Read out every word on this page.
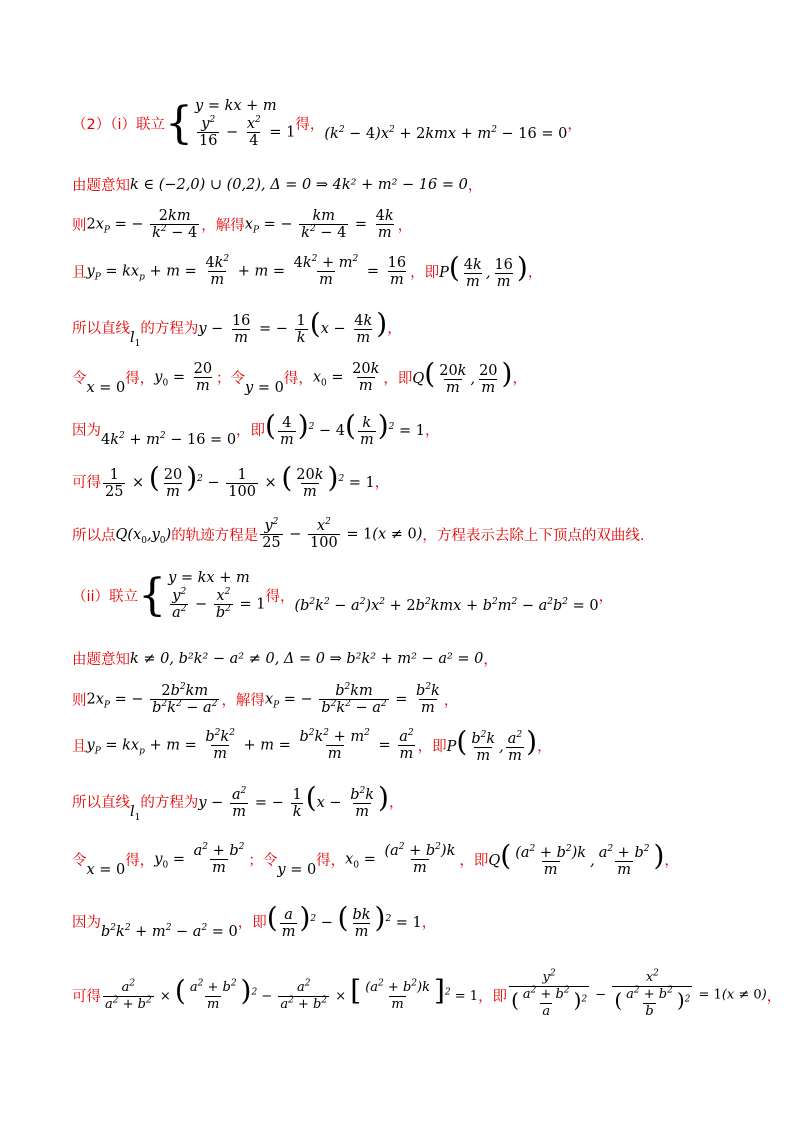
（2）（i）联立 { y = kx + m
$\frac{y^2}{16} - \frac{x^2}{4} = 1$ 得，
$(k^2 - 4)x^2 + 2kmx + m^2 - 16 = 0$
，
由题意知 k ∈ (−2,0) ∪ (0,2), Δ = 0 ⇒ 4k² + m² − 16 = 0 ，
则 $2x_P$ = − $\frac{2km}{k^2 - 4}$ ，解得 $x_P$ = − $\frac{km}{k^2 - 4} = \frac{4k}{m}$ ，
且 $y_P = kx_p + m = \frac{4k^2}{m} + m = \frac{4k^2 + m^2}{m} = \frac{16}{m}$ ，即 $P( \frac{4k}{m}$ , $\frac{16}{m}$ ) ，
所以直线
$l_1$
的方程为 $y - \frac{16}{m}$ = − $\frac{1}{k} (x - \frac{4k}{m}$ ) ，
令
x = 0
得， $y_0 = \frac{20}{m}$ ；令
y = 0
得， $x_0 = \frac{20k}{m}$ ，即 $Q( \frac{20k}{m}$ , $\frac{20}{m}$ ) ，
因为
$4k^2 + m^2 - 16 = 0$
，即 ( $\frac{4}{m} )^2 - 4( \frac{k}{m} )^2 = 1$ ，
可得 $\frac{1}{25}$ × ( $\frac{20}{m} )^2 - \frac{1}{100}$ × ( $\frac{20k}{m} )^2 = 1$ ，
所以点 $Q(x_0,y_0)$ 的轨迹方程是 $\frac{y^2}{25} - \frac{x^2}{100} = 1(x \ne 0)$ ，方程表示去除上下顶点的双曲线.
（ii）联立 { y = kx + m
$\frac{y^2}{a^2} - \frac{x^2}{b^2} = 1$ 得，
$(b^2k^2 - a^2)x^2 + 2b^2kmx + b^2m^2 - a^2b^2 = 0$
，
由题意知 k ≠ 0, b²k² − a² ≠ 0, Δ = 0 ⇒ b²k² + m² − a² = 0 ，
则 $2x_P$ = − $\frac{2b^2km}{b^2k^2 - a^2}$ ，解得 $x_P$ = − $\frac{b^2km}{b^2k^2 - a^2} = \frac{b^2k}{m}$ ，
且 $y_P = kx_p + m = \frac{b^2k^2}{m} + m = \frac{b^2k^2 + m^2}{m} = \frac{a^2}{m}$ ，即 $P( \frac{b^2k}{m}$ , $\frac{a^2}{m}$ ) ，
所以直线
$l_1$
的方程为 $y - \frac{a^2}{m}$ = − $\frac{1}{k} (x - \frac{b^2k}{m}$ ) ，
令
x = 0
得， $y_0 = \frac{a^2 + b^2}{m}$ ；令
y = 0
得， $x_0 = \frac{(a^2 + b^2)k}{m}$ ，即 $Q( \frac{(a^2 + b^2)k}{m}$ , $\frac{a^2 + b^2}{m}$ ) ，
因为
$b^2k^2 + m^2 - a^2 = 0$
，即 ( $\frac{a}{m} )^2$ − ( $\frac{bk}{m} )^2 = 1$ ，
可得 $\frac{a^2}{a^2 + b^2}$ × ( $\frac{a^2 + b^2}{m} )^2 - \frac{a^2}{a^2 + b^2}$ × [ $\frac{(a^2 + b^2)k}{m} ]^2 = 1$ ，即 $\frac{y^2}{( \frac{a^2 + b^2}{a} )^2} - \frac{x^2}{( \frac{a^2 + b^2}{b} )^2} = 1(x \ne 0)$ ，
